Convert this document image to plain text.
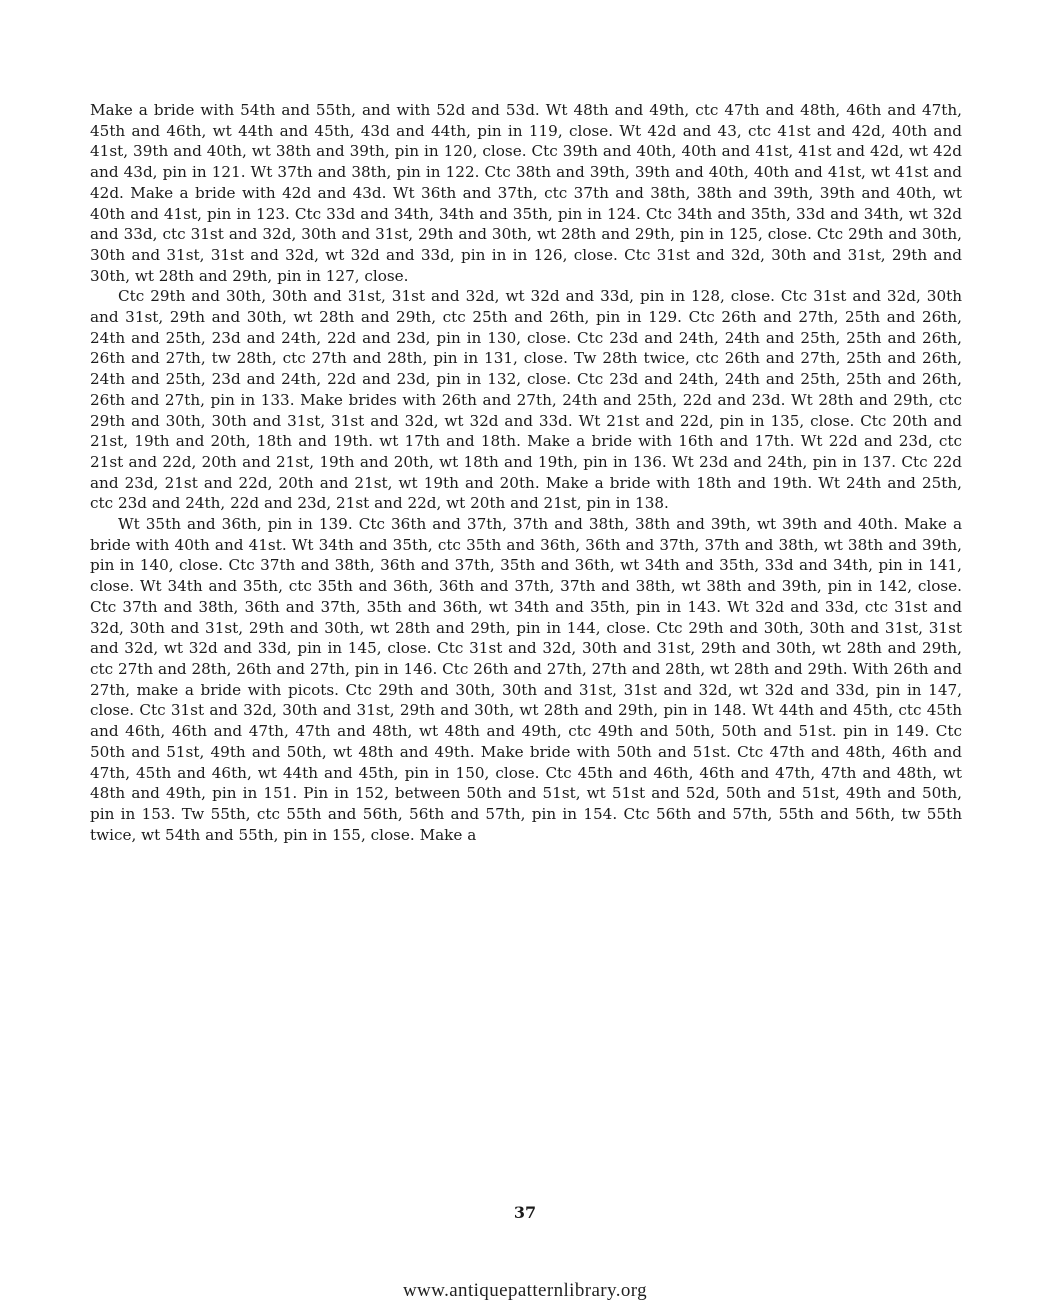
Make a bride with 54th and 55th, and with 52d and 53d. Wt 48th and 49th, ctc 47th and 48th, 46th and 47th, 45th and 46th, wt 44th and 45th, 43d and 44th, pin in 119, close. Wt 42d and 43, ctc 41st and 42d, 40th and 41st, 39th and 40th, wt 38th and 39th, pin in 120, close. Ctc 39th and 40th, 40th and 41st, 41st and 42d, wt 42d and 43d, pin in 121. Wt 37th and 38th, pin in 122. Ctc 38th and 39th, 39th and 40th, 40th and 41st, wt 41st and 42d. Make a bride with 42d and 43d. Wt 36th and 37th, ctc 37th and 38th, 38th and 39th, 39th and 40th, wt 40th and 41st, pin in 123. Ctc 33d and 34th, 34th and 35th, pin in 124. Ctc 34th and 35th, 33d and 34th, wt 32d and 33d, ctc 31st and 32d, 30th and 31st, 29th and 30th, wt 28th and 29th, pin in 125, close. Ctc 29th and 30th, 30th and 31st, 31st and 32d, wt 32d and 33d, pin in in 126, close. Ctc 31st and 32d, 30th and 31st, 29th and 30th, wt 28th and 29th, pin in 127, close.

Ctc 29th and 30th, 30th and 31st, 31st and 32d, wt 32d and 33d, pin in 128, close. Ctc 31st and 32d, 30th and 31st, 29th and 30th, wt 28th and 29th, ctc 25th and 26th, pin in 129. Ctc 26th and 27th, 25th and 26th, 24th and 25th, 23d and 24th, 22d and 23d, pin in 130, close. Ctc 23d and 24th, 24th and 25th, 25th and 26th, 26th and 27th, tw 28th, ctc 27th and 28th, pin in 131, close. Tw 28th twice, ctc 26th and 27th, 25th and 26th, 24th and 25th, 23d and 24th, 22d and 23d, pin in 132, close. Ctc 23d and 24th, 24th and 25th, 25th and 26th, 26th and 27th, pin in 133. Make brides with 26th and 27th, 24th and 25th, 22d and 23d. Wt 28th and 29th, ctc 29th and 30th, 30th and 31st, 31st and 32d, wt 32d and 33d. Wt 21st and 22d, pin in 135, close. Ctc 20th and 21st, 19th and 20th, 18th and 19th. wt 17th and 18th. Make a bride with 16th and 17th. Wt 22d and 23d, ctc 21st and 22d, 20th and 21st, 19th and 20th, wt 18th and 19th, pin in 136. Wt 23d and 24th, pin in 137. Ctc 22d and 23d, 21st and 22d, 20th and 21st, wt 19th and 20th. Make a bride with 18th and 19th. Wt 24th and 25th, ctc 23d and 24th, 22d and 23d, 21st and 22d, wt 20th and 21st, pin in 138.

Wt 35th and 36th, pin in 139. Ctc 36th and 37th, 37th and 38th, 38th and 39th, wt 39th and 40th. Make a bride with 40th and 41st. Wt 34th and 35th, ctc 35th and 36th, 36th and 37th, 37th and 38th, wt 38th and 39th, pin in 140, close. Ctc 37th and 38th, 36th and 37th, 35th and 36th, wt 34th and 35th, 33d and 34th, pin in 141, close. Wt 34th and 35th, ctc 35th and 36th, 36th and 37th, 37th and 38th, wt 38th and 39th, pin in 142, close. Ctc 37th and 38th, 36th and 37th, 35th and 36th, wt 34th and 35th, pin in 143. Wt 32d and 33d, ctc 31st and 32d, 30th and 31st, 29th and 30th, wt 28th and 29th, pin in 144, close. Ctc 29th and 30th, 30th and 31st, 31st and 32d, wt 32d and 33d, pin in 145, close. Ctc 31st and 32d, 30th and 31st, 29th and 30th, wt 28th and 29th, ctc 27th and 28th, 26th and 27th, pin in 146. Ctc 26th and 27th, 27th and 28th, wt 28th and 29th. With 26th and 27th, make a bride with picots. Ctc 29th and 30th, 30th and 31st, 31st and 32d, wt 32d and 33d, pin in 147, close. Ctc 31st and 32d, 30th and 31st, 29th and 30th, wt 28th and 29th, pin in 148. Wt 44th and 45th, ctc 45th and 46th, 46th and 47th, 47th and 48th, wt 48th and 49th, ctc 49th and 50th, 50th and 51st. pin in 149. Ctc 50th and 51st, 49th and 50th, wt 48th and 49th. Make bride with 50th and 51st. Ctc 47th and 48th, 46th and 47th, 45th and 46th, wt 44th and 45th, pin in 150, close. Ctc 45th and 46th, 46th and 47th, 47th and 48th, wt 48th and 49th, pin in 151. Pin in 152, between 50th and 51st, wt 51st and 52d, 50th and 51st, 49th and 50th, pin in 153. Tw 55th, ctc 55th and 56th, 56th and 57th, pin in 154. Ctc 56th and 57th, 55th and 56th, tw 55th twice, wt 54th and 55th, pin in 155, close. Make a

37
www.antiquepatternlibrary.org
